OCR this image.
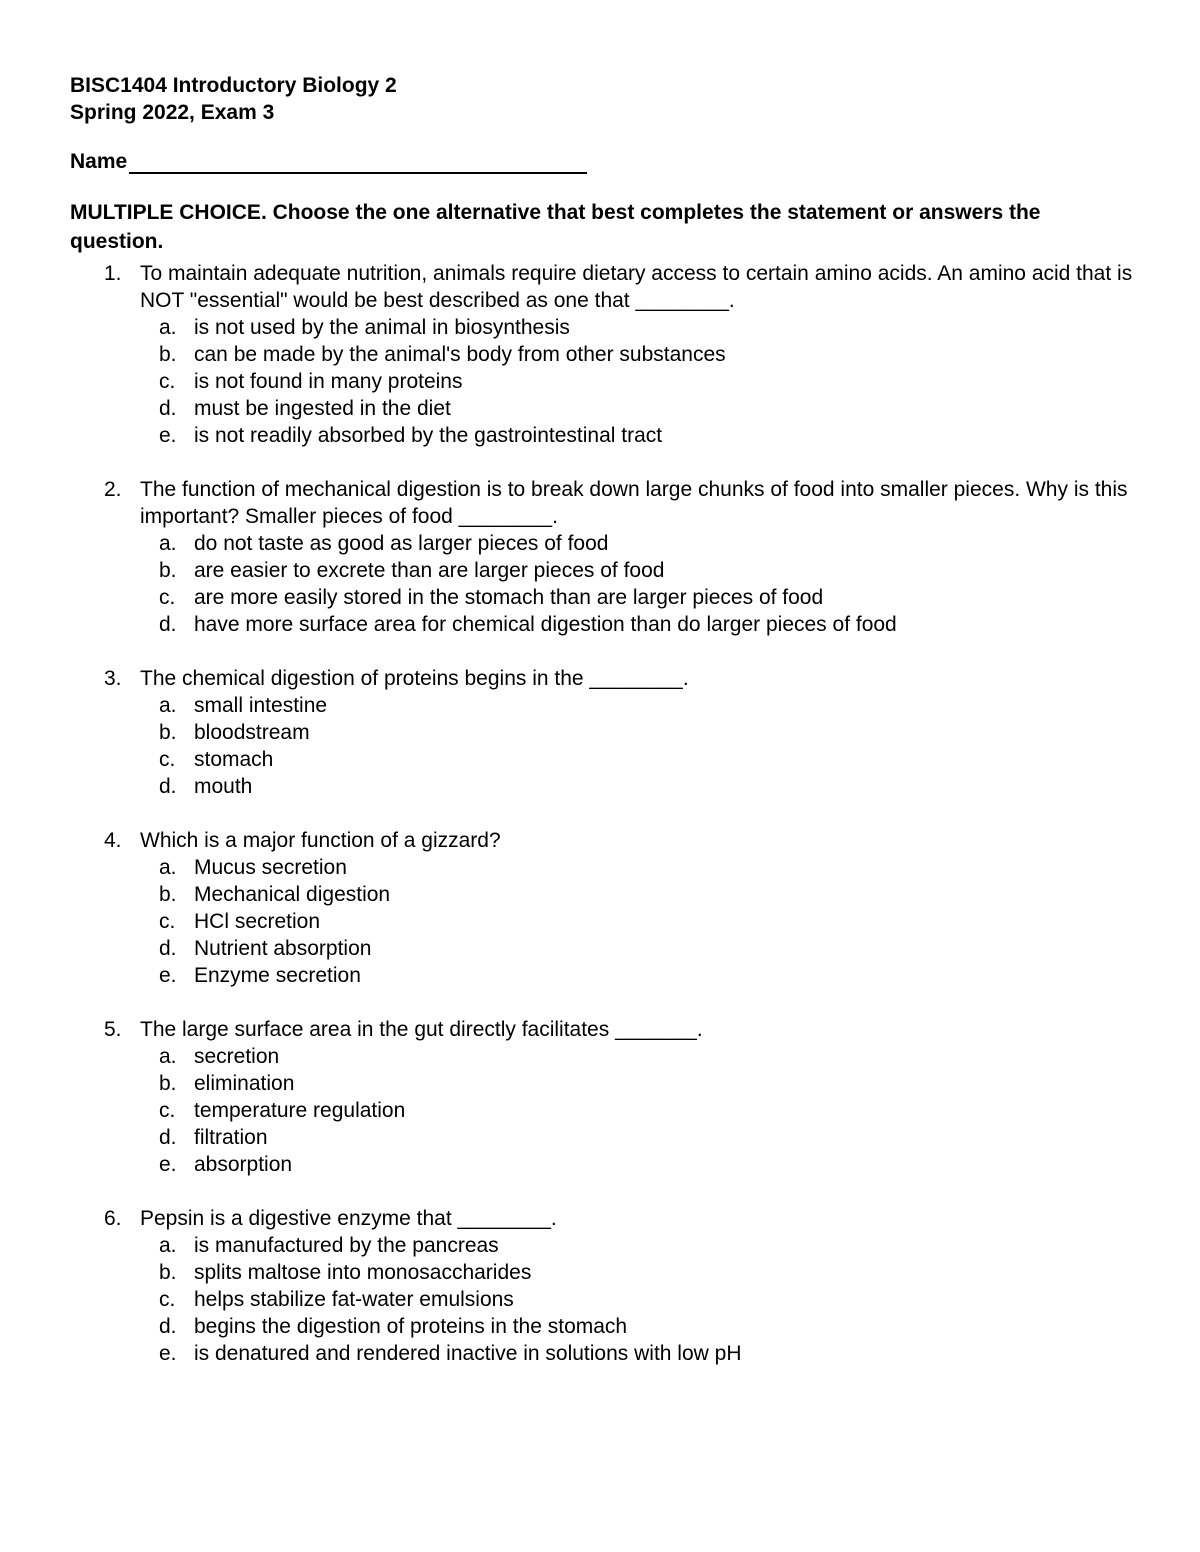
BISC1404 Introductory Biology 2
Spring 2022, Exam 3
Name
MULTIPLE CHOICE. Choose the one alternative that best completes the statement or answers the question.
1. To maintain adequate nutrition, animals require dietary access to certain amino acids. An amino acid that is NOT "essential" would be best described as one that ________.
a. is not used by the animal in biosynthesis
b. can be made by the animal's body from other substances
c. is not found in many proteins
d. must be ingested in the diet
e. is not readily absorbed by the gastrointestinal tract
2. The function of mechanical digestion is to break down large chunks of food into smaller pieces. Why is this important? Smaller pieces of food ________.
a. do not taste as good as larger pieces of food
b. are easier to excrete than are larger pieces of food
c. are more easily stored in the stomach than are larger pieces of food
d. have more surface area for chemical digestion than do larger pieces of food
3. The chemical digestion of proteins begins in the ________.
a. small intestine
b. bloodstream
c. stomach
d. mouth
4. Which is a major function of a gizzard?
a. Mucus secretion
b. Mechanical digestion
c. HCl secretion
d. Nutrient absorption
e. Enzyme secretion
5. The large surface area in the gut directly facilitates _______.
a. secretion
b. elimination
c. temperature regulation
d. filtration
e. absorption
6. Pepsin is a digestive enzyme that ________.
a. is manufactured by the pancreas
b. splits maltose into monosaccharides
c. helps stabilize fat-water emulsions
d. begins the digestion of proteins in the stomach
e. is denatured and rendered inactive in solutions with low pH
